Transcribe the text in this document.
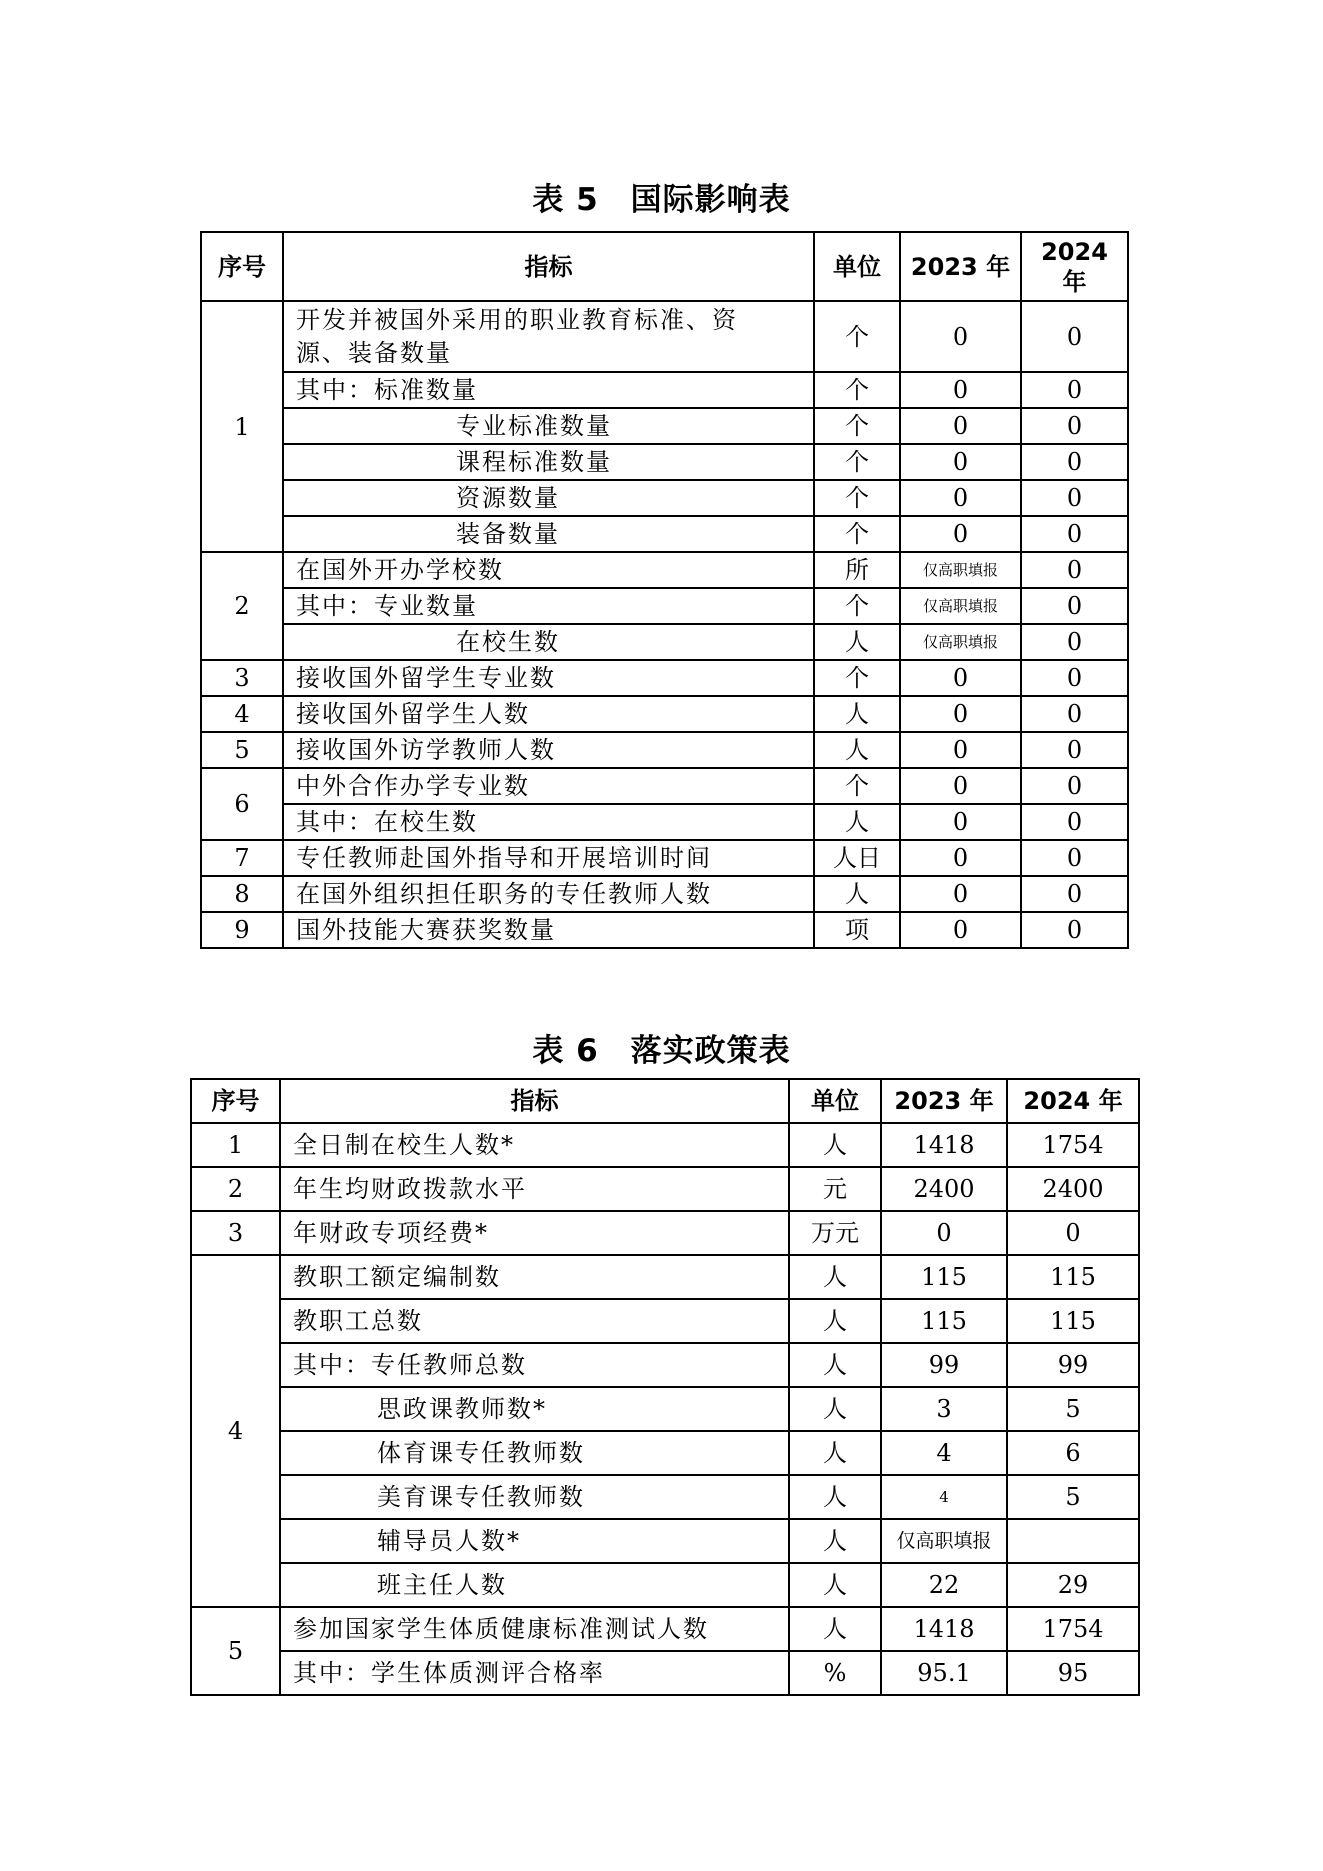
表 5　国际影响表
序号	指标	单位	2023 年	2024 年
1	开发并被国外采用的职业教育标准、资源、装备数量	个	0	0
	其中：标准数量	个	0	0
	专业标准数量	个	0	0
	课程标准数量	个	0	0
	资源数量	个	0	0
	装备数量	个	0	0
2	在国外开办学校数	所	仅高职填报	0
	其中：专业数量	个	仅高职填报	0
	在校生数	人	仅高职填报	0
3	接收国外留学生专业数	个	0	0
4	接收国外留学生人数	人	0	0
5	接收国外访学教师人数	人	0	0
6	中外合作办学专业数	个	0	0
	其中：在校生数	人	0	0
7	专任教师赴国外指导和开展培训时间	人日	0	0
8	在国外组织担任职务的专任教师人数	人	0	0
9	国外技能大赛获奖数量	项	0	0
表 6　落实政策表
序号	指标	单位	2023 年	2024 年
1	全日制在校生人数*	人	1418	1754
2	年生均财政拨款水平	元	2400	2400
3	年财政专项经费*	万元	0	0
4	教职工额定编制数	人	115	115
	教职工总数	人	115	115
	其中：专任教师总数	人	99	99
	思政课教师数*	人	3	5
	体育课专任教师数	人	4	6
	美育课专任教师数	人	4	5
	辅导员人数*	人	仅高职填报	
	班主任人数	人	22	29
5	参加国家学生体质健康标准测试人数	人	1418	1754
	其中：学生体质测评合格率	%	95.1	95
